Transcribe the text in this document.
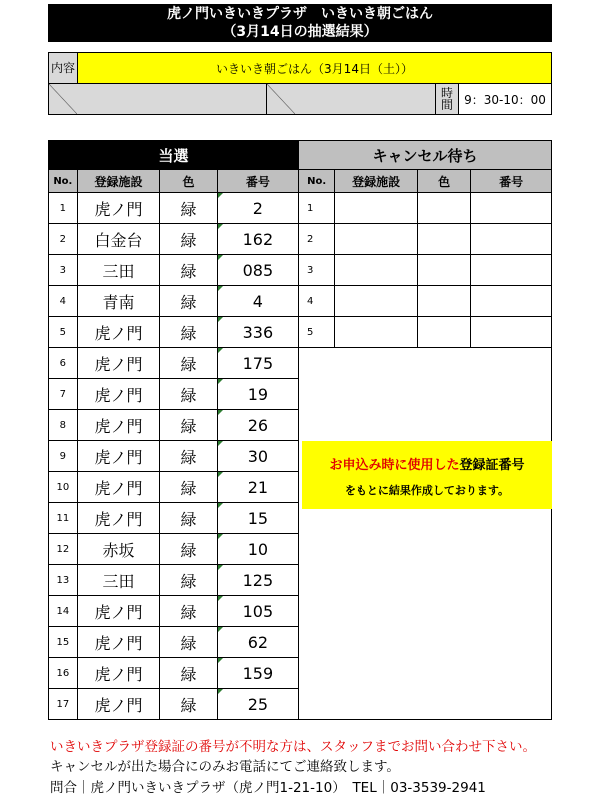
虎ノ門いきいきプラザ　いきいき朝ごはん
（3月14日の抽選結果）
内容	いきいき朝ごはん（3月14日（土））			
			時間	9：30-10：00
当選				キャンセル待ち			
No.	登録施設	色	番号	No.	登録施設	色	番号
1	虎ノ門	緑	2	1			
2	白金台	緑	162	2			
3	三田	緑	085	3			
4	青南	緑	4	4			
5	虎ノ門	緑	336	5			
6	虎ノ門	緑	175				
7	虎ノ門	緑	19				
8	虎ノ門	緑	26				
9	虎ノ門	緑	30				
10	虎ノ門	緑	21				
11	虎ノ門	緑	15				
12	赤坂	緑	10				
13	三田	緑	125				
14	虎ノ門	緑	105				
15	虎ノ門	緑	62				
16	虎ノ門	緑	159				
17	虎ノ門	緑	25				
お申込み時に使用した登録証番号
をもとに結果作成しております。
いきいきプラザ登録証の番号が不明な方は、スタッフまでお問い合わせ下さい。
キャンセルが出た場合にのみお電話にてご連絡致します。
問合｜虎ノ門いきいきプラザ（虎ノ門1-21-10）　TEL｜03-3539-2941
